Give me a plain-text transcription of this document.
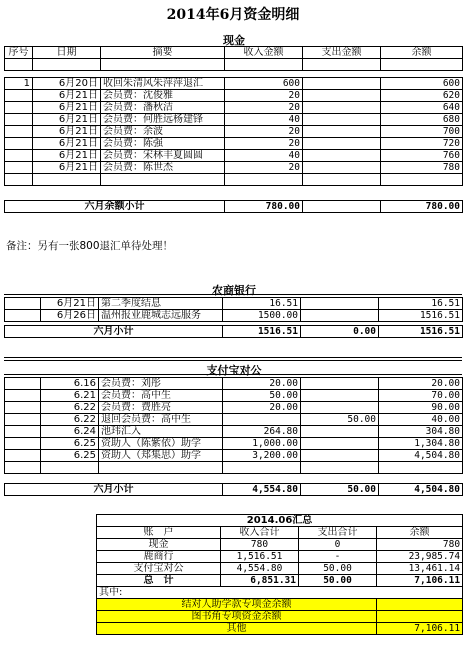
2014年6月资金明细
现金
序号	日期	摘要	收入金额	支出金额	余额

1	6月20日	收回朱清风朱萍萍退汇	600		600
	6月21日	会员费：沈俊雅	20		620
	6月21日	会员费：潘秋洁	20		640
	6月21日	会员费：何胜远杨建锋	40		680
	6月21日	会员费：余波	20		700
	6月21日	会员费：陈强	20		720
	6月21日	会员费：宋林丰夏圆圆	40		760
	6月21日	会员费：陈世杰	20		780

六月余额小计	780.00		780.00
备注：另有一张800退汇单待处理！
农商银行
	6月21日	第二季度结息	16.51		16.51
	6月26日	温州报业鹿城志远服务	1500.00		1516.51
六月小计	1516.51	0.00	1516.51
支付宝对公
	6.16	会员费：刘彤	20.00		20.00
	6.21	会员费：高中生	50.00		70.00
	6.22	会员费：费胜亮	20.00		90.00
	6.22	退回会员费：高中生		50.00	40.00
	6.24	池玮汇入	264.80		304.80
	6.25	资助人（陈紫依）助学	1,000.00		1,304.80
	6.25	资助人（郑集思）助学	3,200.00		4,504.80

六月小计	4,554.80	50.00	4,504.80
2014.06汇总			
账　户	收入合计	支出合计	余额
现金	780	0	780
鹿商行	1,516.51	-	23,985.74
支付宝对公	4,554.80	50.00	13,461.14
总　计	6,851.31	50.00	7,106.11
其中:			
结对人助学款专项金余额			
图书角专项资金余额			
其他			7,106.11
